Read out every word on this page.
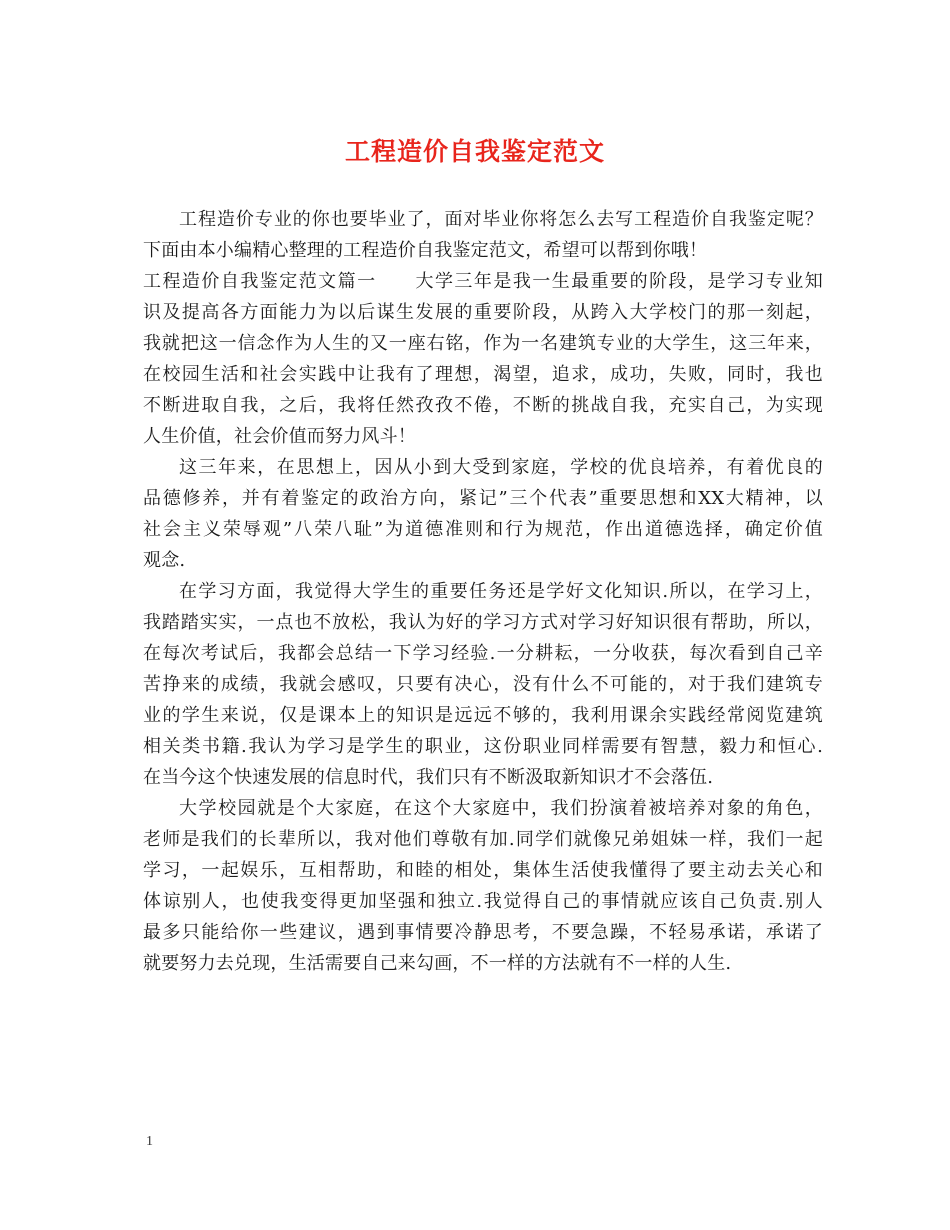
工程造价自我鉴定范文
工程造价专业的你也要毕业了，面对毕业你将怎么去写工程造价自我鉴定呢？
下面由本小编精心整理的工程造价自我鉴定范文，希望可以帮到你哦！
工程造价自我鉴定范文篇一　　大学三年是我一生最重要的阶段，是学习专业知
识及提高各方面能力为以后谋生发展的重要阶段，从跨入大学校门的那一刻起，
我就把这一信念作为人生的又一座右铭，作为一名建筑专业的大学生，这三年来，
在校园生活和社会实践中让我有了理想，渴望，追求，成功，失败，同时，我也
不断进取自我，之后，我将任然孜孜不倦，不断的挑战自我，充实自己，为实现
人生价值，社会价值而努力风斗！
这三年来，在思想上，因从小到大受到家庭，学校的优良培养，有着优良的
品德修养，并有着鉴定的政治方向，紧记”三个代表”重要思想和XX大精神，以
社会主义荣辱观”八荣八耻”为道德准则和行为规范，作出道德选择，确定价值
观念.
在学习方面，我觉得大学生的重要任务还是学好文化知识.所以，在学习上，
我踏踏实实，一点也不放松，我认为好的学习方式对学习好知识很有帮助，所以，
在每次考试后，我都会总结一下学习经验.一分耕耘，一分收获，每次看到自己辛
苦挣来的成绩，我就会感叹，只要有决心，没有什么不可能的，对于我们建筑专
业的学生来说，仅是课本上的知识是远远不够的，我利用课余实践经常阅览建筑
相关类书籍.我认为学习是学生的职业，这份职业同样需要有智慧，毅力和恒心.
在当今这个快速发展的信息时代，我们只有不断汲取新知识才不会落伍.
大学校园就是个大家庭，在这个大家庭中，我们扮演着被培养对象的角色，
老师是我们的长辈所以，我对他们尊敬有加.同学们就像兄弟姐妹一样，我们一起
学习，一起娱乐，互相帮助，和睦的相处，集体生活使我懂得了要主动去关心和
体谅别人，也使我变得更加坚强和独立.我觉得自己的事情就应该自己负责.别人
最多只能给你一些建议，遇到事情要冷静思考，不要急躁，不轻易承诺，承诺了
就要努力去兑现，生活需要自己来勾画，不一样的方法就有不一样的人生.
1
